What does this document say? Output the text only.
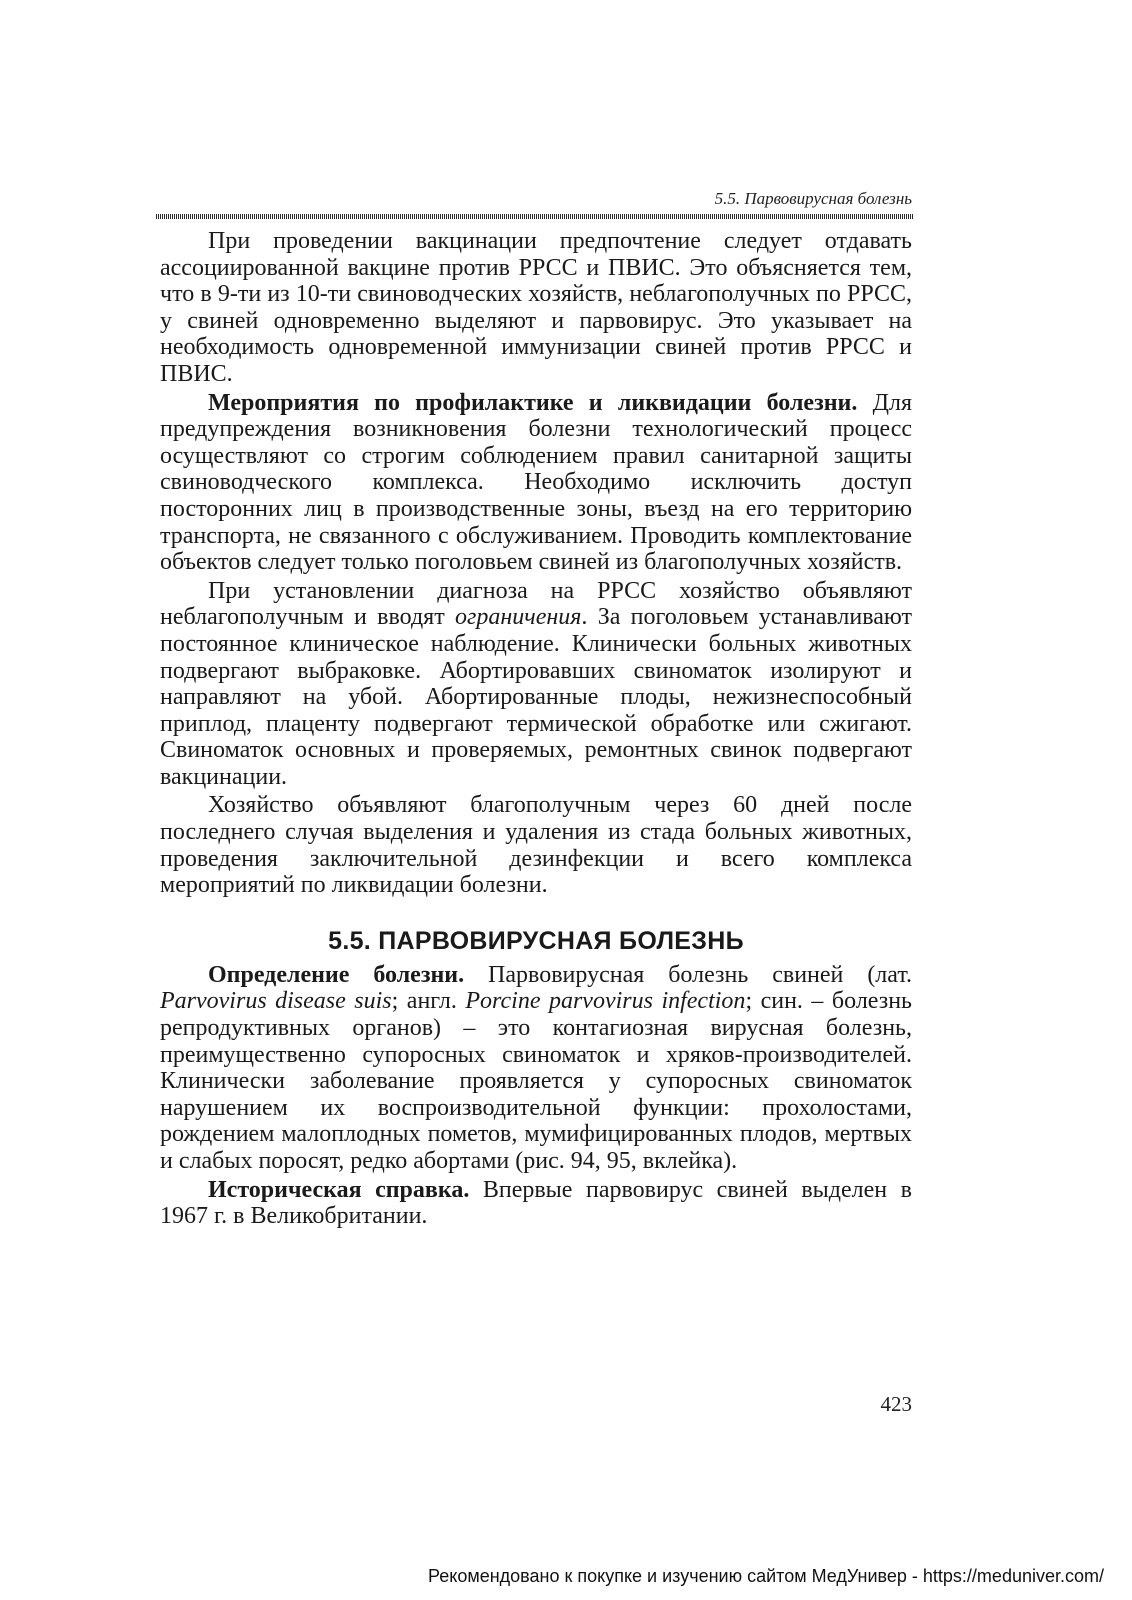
5.5. Парвовирусная болезнь

При проведении вакцинации предпочтение следует отдавать ассоциированной вакцине против РРСС и ПВИС. Это объясняется тем, что в 9-ти из 10-ти свиноводческих хозяйств, неблагополучных по РРСС, у свиней одновременно выделяют и парвовирус. Это указывает на необходимость одновременной иммунизации свиней против РРСС и ПВИС.

Мероприятия по профилактике и ликвидации болезни. Для предупреждения возникновения болезни технологический процесс осуществляют со строгим соблюдением правил санитарной защиты свиноводческого комплекса. Необходимо исключить доступ посторонних лиц в производственные зоны, въезд на его территорию транспорта, не связанного с обслуживанием. Проводить комплектование объектов следует только поголовьем свиней из благополучных хозяйств.

При установлении диагноза на РРСС хозяйство объявляют неблагополучным и вводят ограничения. За поголовьем устанавливают постоянное клиническое наблюдение. Клинически больных животных подвергают выбраковке. Абортировавших свиноматок изолируют и направляют на убой. Абортированные плоды, нежизнеспособный приплод, плаценту подвергают термической обработке или сжигают. Свиноматок основных и проверяемых, ремонтных свинок подвергают вакцинации.

Хозяйство объявляют благополучным через 60 дней после последнего случая выделения и удаления из стада больных животных, проведения заключительной дезинфекции и всего комплекса мероприятий по ликвидации болезни.

5.5. ПАРВОВИРУСНАЯ БОЛЕЗНЬ

Определение болезни. Парвовирусная болезнь свиней (лат. Parvovirus disease suis; англ. Porcine parvovirus infection; син. – болезнь репродуктивных органов) – это контагиозная вирусная болезнь, преимущественно супоросных свиноматок и хряков-производителей. Клинически заболевание проявляется у супоросных свиноматок нарушением их воспроизводительной функции: прохолостами, рождением малоплодных пометов, мумифицированных плодов, мертвых и слабых поросят, редко абортами (рис. 94, 95, вклейка).

Историческая справка. Впервые парвовирус свиней выделен в 1967 г. в Великобритании.

423
Рекомендовано к покупке и изучению сайтом МедУнивер - https://meduniver.com/
